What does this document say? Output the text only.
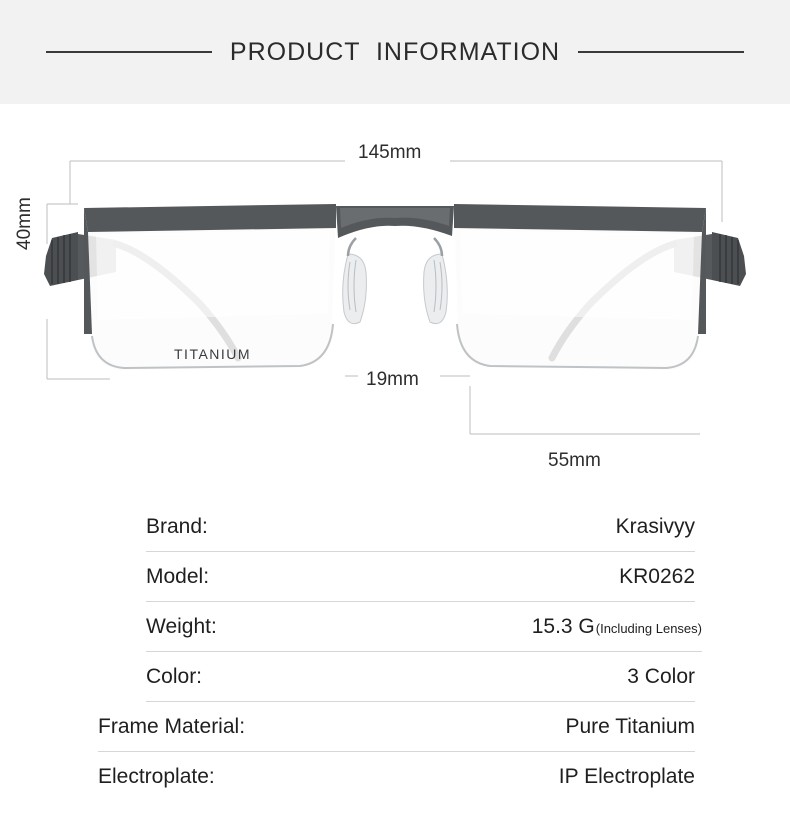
PRODUCT  INFORMATION
145mm
40mm
19mm
55mm
TITANIUM
Brand:	Krasivyy
Model:	KR0262
Weight:	15.3 G (Including Lenses)
Color:	3 Color
Frame Material:	Pure Titanium
Electroplate:	IP Electroplate
